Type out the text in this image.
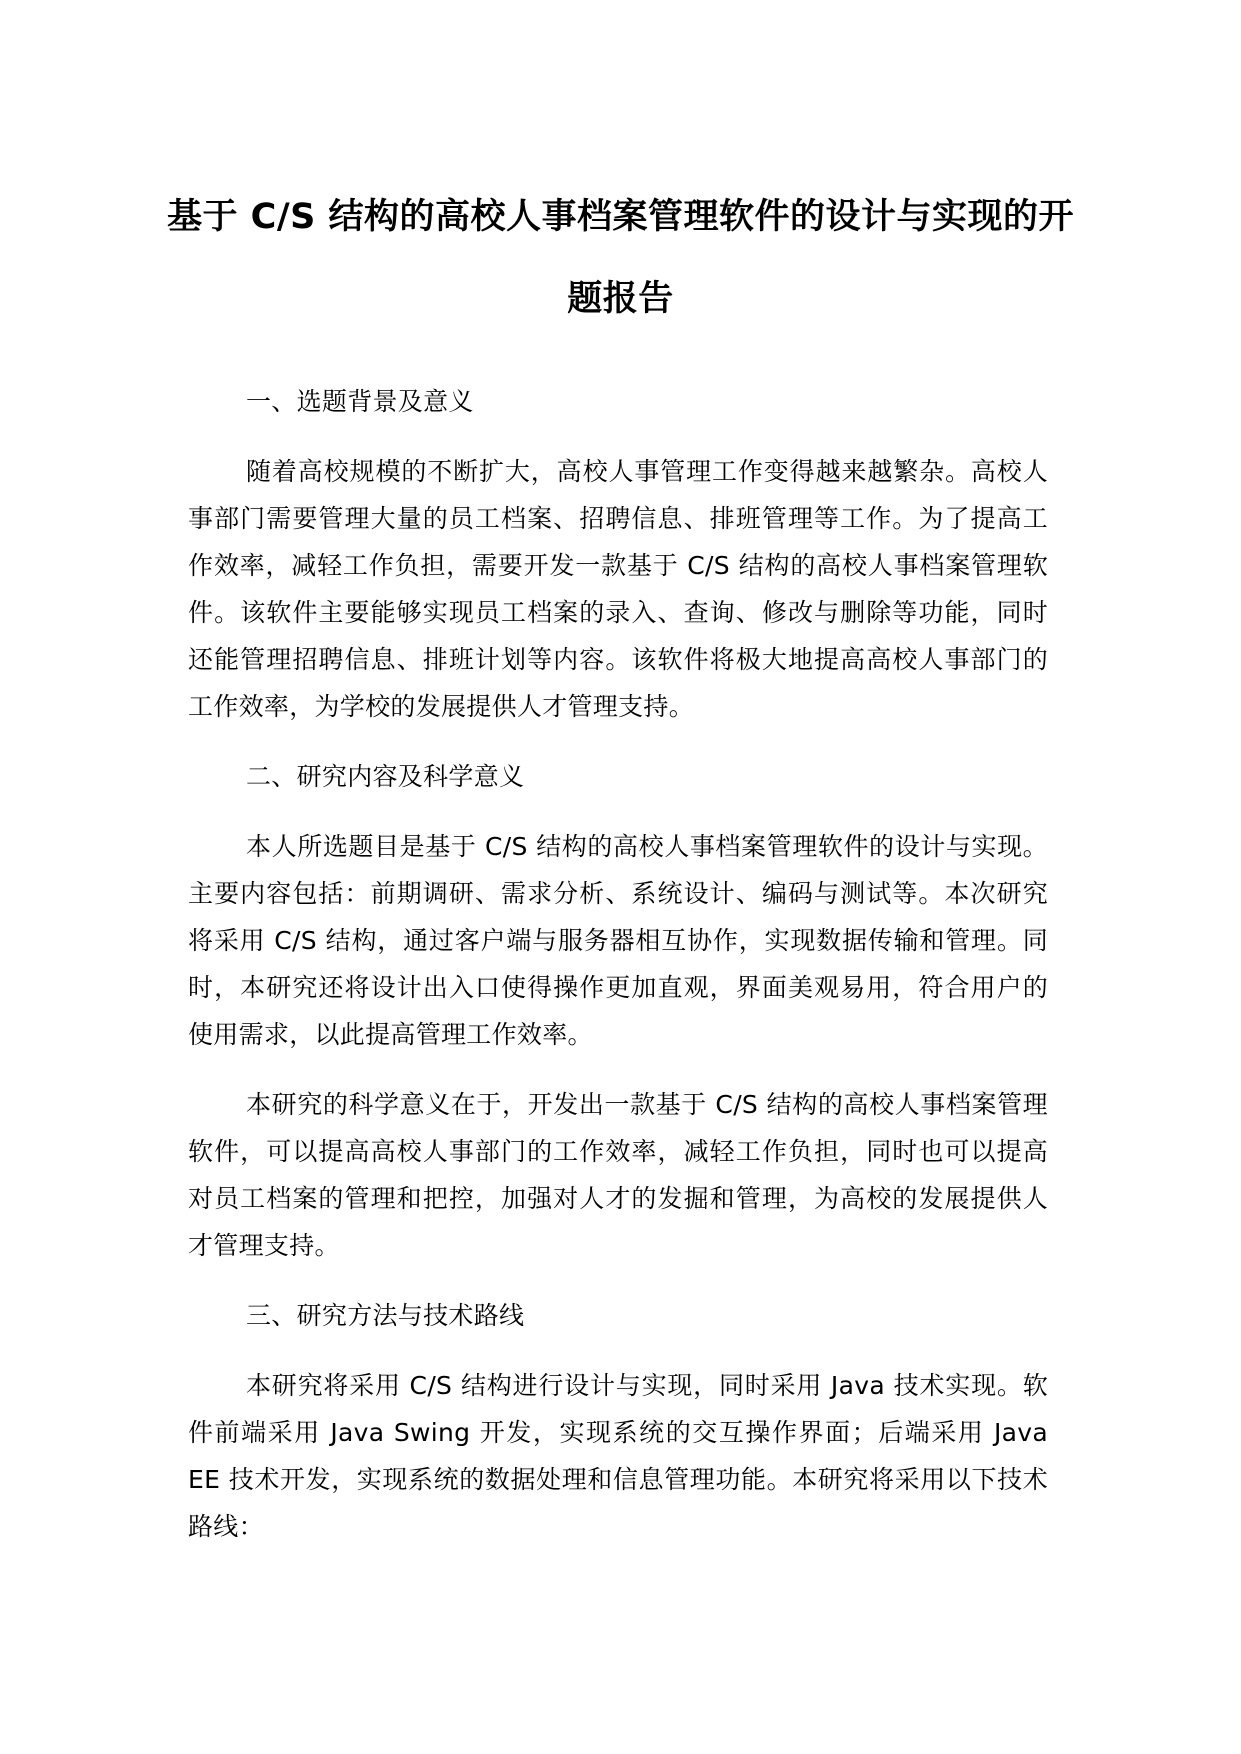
基于 C/S 结构的高校人事档案管理软件的设计与实现的开题报告
一、选题背景及意义

随着高校规模的不断扩大，高校人事管理工作变得越来越繁杂。高校人事部门需要管理大量的员工档案、招聘信息、排班管理等工作。为了提高工作效率，减轻工作负担，需要开发一款基于 C/S 结构的高校人事档案管理软件。该软件主要能够实现员工档案的录入、查询、修改与删除等功能，同时还能管理招聘信息、排班计划等内容。该软件将极大地提高高校人事部门的工作效率，为学校的发展提供人才管理支持。

二、研究内容及科学意义

本人所选题目是基于 C/S 结构的高校人事档案管理软件的设计与实现。主要内容包括：前期调研、需求分析、系统设计、编码与测试等。本次研究将采用 C/S 结构，通过客户端与服务器相互协作，实现数据传输和管理。同时，本研究还将设计出入口使得操作更加直观，界面美观易用，符合用户的使用需求，以此提高管理工作效率。

本研究的科学意义在于，开发出一款基于 C/S 结构的高校人事档案管理软件，可以提高高校人事部门的工作效率，减轻工作负担，同时也可以提高对员工档案的管理和把控，加强对人才的发掘和管理，为高校的发展提供人才管理支持。

三、研究方法与技术路线

本研究将采用 C/S 结构进行设计与实现，同时采用 Java 技术实现。软件前端采用 Java Swing 开发，实现系统的交互操作界面；后端采用 Java EE 技术开发，实现系统的数据处理和信息管理功能。本研究将采用以下技术路线：
